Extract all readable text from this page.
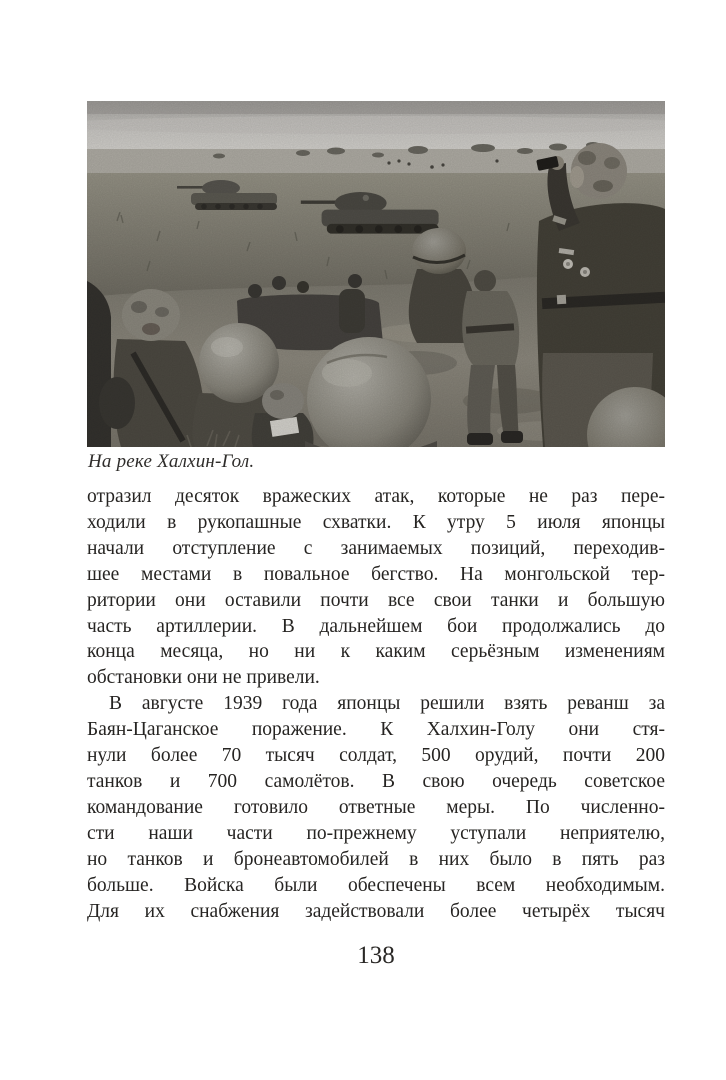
На реке Халхин-Гол.
отразил десяток вражеских атак, которые не раз пере-
ходили в рукопашные схватки. К утру 5 июля японцы
начали отступление с занимаемых позиций, переходив-
шее местами в повальное бегство. На монгольской тер-
ритории они оставили почти все свои танки и большую
часть артиллерии. В дальнейшем бои продолжались до
конца месяца, но ни к каким серьёзным изменениям
обстановки они не привели.
В августе 1939 года японцы решили взять реванш за
Баян-Цаганское поражение. К Халхин-Голу они стя-
нули более 70 тысяч солдат, 500 орудий, почти 200
танков и 700 самолётов. В свою очередь советское
командование готовило ответные меры. По численно-
сти наши части по-прежнему уступали неприятелю,
но танков и бронеавтомобилей в них было в пять раз
больше. Войска были обеспечены всем необходимым.
Для их снабжения задействовали более четырёх тысяч
138
